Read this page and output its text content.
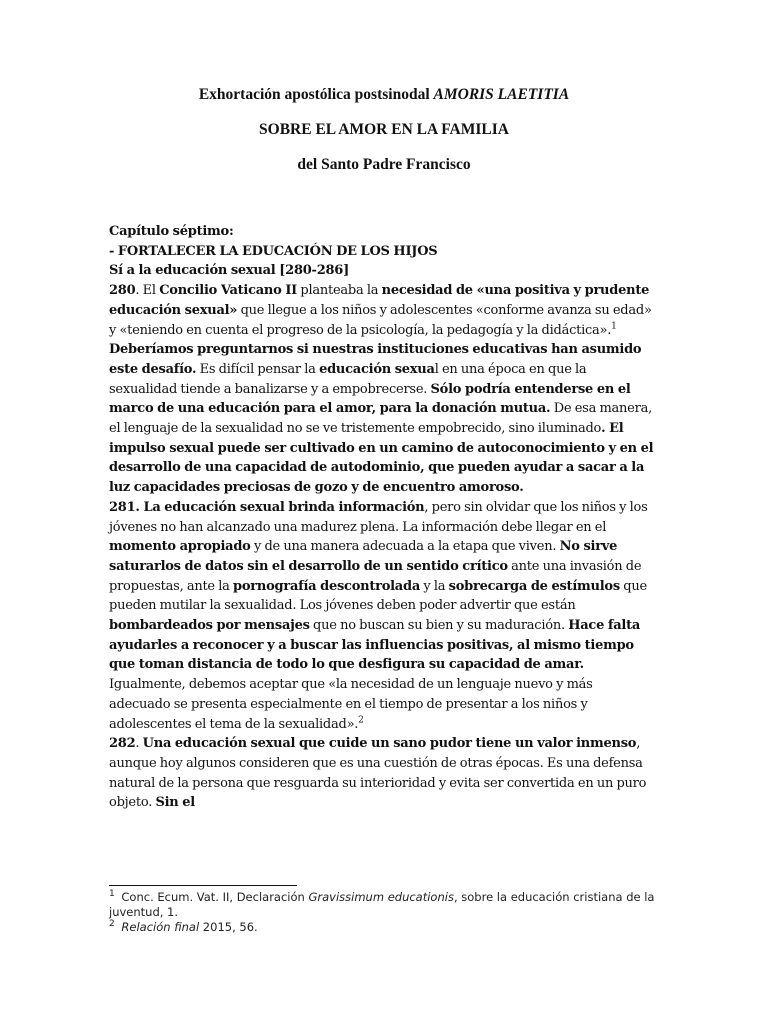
Exhortación apostólica postsinodal AMORIS LAETITIA

SOBRE EL AMOR EN LA FAMILIA

del Santo Padre Francisco

Capítulo séptimo:
- FORTALECER LA EDUCACIÓN DE LOS HIJOS

Sí a la educación sexual [280-286]

280. El Concilio Vaticano II planteaba la necesidad de «una positiva y prudente educación sexual» que llegue a los niños y adolescentes «conforme avanza su edad» y «teniendo en cuenta el progreso de la psicología, la pedagogía y la didáctica».$^1$ Deberíamos preguntarnos si nuestras instituciones educativas han asumido este desafío. Es difícil pensar la educación sexual en una época en que la sexualidad tiende a banalizarse y a empobrecerse. Sólo podría entenderse en el marco de una educación para el amor, para la donación mutua. De esa manera, el lenguaje de la sexualidad no se ve tristemente empobrecido, sino iluminado. El impulso sexual puede ser cultivado en un camino de autoconocimiento y en el desarrollo de una capacidad de autodominio, que pueden ayudar a sacar a la luz capacidades preciosas de gozo y de encuentro amoroso.

281. La educación sexual brinda información, pero sin olvidar que los niños y los jóvenes no han alcanzado una madurez plena. La información debe llegar en el momento apropiado y de una manera adecuada a la etapa que viven. No sirve saturarlos de datos sin el desarrollo de un sentido crítico ante una invasión de propuestas, ante la pornografía descontrolada y la sobrecarga de estímulos que pueden mutilar la sexualidad. Los jóvenes deben poder advertir que están bombardeados por mensajes que no buscan su bien y su maduración. Hace falta ayudarles a reconocer y a buscar las influencias positivas, al mismo tiempo que toman distancia de todo lo que desfigura su capacidad de amar. Igualmente, debemos aceptar que «la necesidad de un lenguaje nuevo y más adecuado se presenta especialmente en el tiempo de presentar a los niños y adolescentes el tema de la sexualidad».$^2$

282. Una educación sexual que cuide un sano pudor tiene un valor inmenso, aunque hoy algunos consideren que es una cuestión de otras épocas. Es una defensa natural de la persona que resguarda su interioridad y evita ser convertida en un puro objeto. Sin el

$^1$ Conc. Ecum. Vat. II, Declaración Gravissimum educationis, sobre la educación cristiana de la juventud, 1.

$^2$ Relación final 2015, 56.
